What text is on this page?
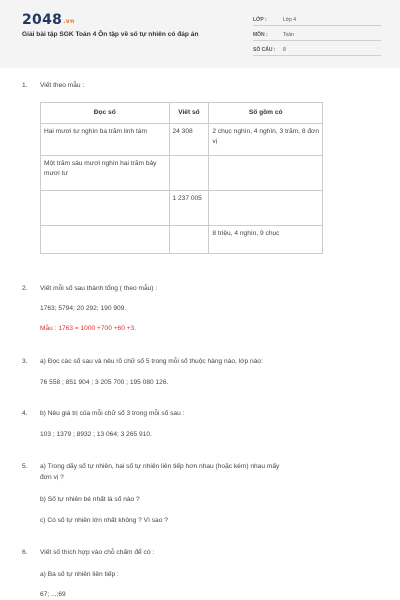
2048.vn
Giải bài tập SGK Toán 4 Ôn tập về số tự nhiên có đáp án
LỚP :	Lớp 4
MÔN :	Toán
SỐ CÂU : 8
1. Viết theo mẫu :
Đọc số	Viết số	Số gồm có
Hai mươi tư nghìn ba trăm linh tám	24 308	2 chục nghìn, 4 nghìn, 3 trăm, 8 đơn vị
Một trăm sáu mươi nghìn hai trăm bảy mươi tư		
	1 237 005	
		8 triệu, 4 nghìn, 9 chục
2. Viết mỗi số sau thành tổng ( theo mẫu) :
1763; 5794; 20 292; 190 909.
Mẫu : 1763 = 1000 +700 +60 +3.
3. a) Đọc các số sau và nêu rõ chữ số 5 trong mỗi số thuộc hàng nào, lớp nào:
76 558 ; 851 904 ; 3 205 700 ; 195 080 126.
4. b) Nêu giá trị của mỗi chữ số 3 trong mỗi số sau :
103 ; 1379 ; 8932 ; 13 064; 3 265 910.
5. a) Trong dãy số tự nhiên, hai số tự nhiên liên tiếp hơn nhau (hoặc kém) nhau mấy
đơn vị ?
b) Số tự nhiên bé nhất là số nào ?
c) Có số tự nhiên lớn nhất không ? Vì sao ?
6. Viết số thích hợp vào chỗ chấm để có :
a) Ba số tự nhiên liên tiếp :
67; ...;69
